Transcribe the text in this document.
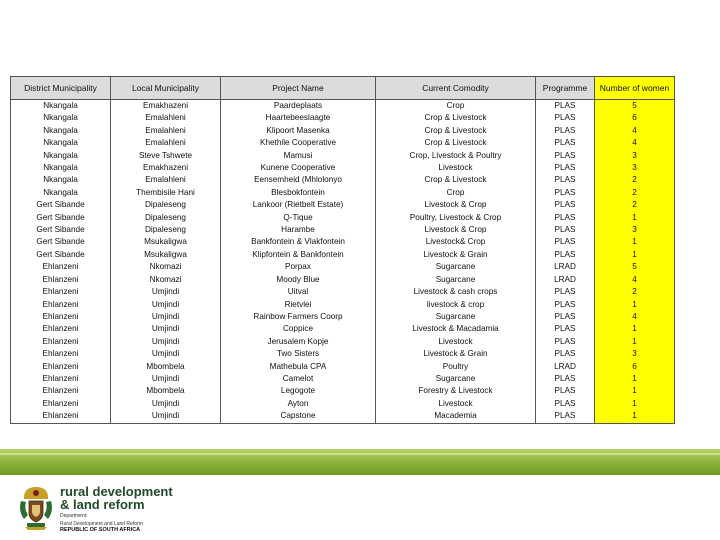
District Municipality	Local Municipality	Project Name	Current Comodity	Programme	Number of women
Nkangala	Emakhazeni	Paardeplaats	Crop	PLAS	5
Nkangala	Emalahleni	Haartebeeslaagte	Crop & Livestock	PLAS	6
Nkangala	Emalahleni	Klipoort Masenka	Crop & Livestock	PLAS	4
Nkangala	Emalahleni	Khethile Cooperative	Crop & Livestock	PLAS	4
Nkangala	Steve Tshwete	Mamusi	Crop, Livestock & Poultry	PLAS	3
Nkangala	Emakhazeni	Kunene Cooperative	Livestock	PLAS	3
Nkangala	Emalahleni	Eensemheid (Mhlolonyo	Crop & Livestock	PLAS	2
Nkangala	Thembisile Hani	Blesbokfontein	Crop	PLAS	2
Gert Sibande	Dipaleseng	Lankoor (Rietbelt Estate)	Livestock & Crop	PLAS	2
Gert Sibande	Dipaleseng	Q-Tique	Poultry, Livestock & Crop	PLAS	1
Gert Sibande	Dipaleseng	Harambe	Livestock & Crop	PLAS	3
Gert Sibande	Msukaligwa	Bankfontein & Vlakfontein	Livestock& Crop	PLAS	1
Gert Sibande	Msukaligwa	Klipfontein & Bankfontein	Livestock & Grain	PLAS	1
Ehlanzeni	Nkomazi	Porpax	Sugarcane	LRAD	5
Ehlanzeni	Nkomazi	Moody Blue	Sugarcane	LRAD	4
Ehlanzeni	Umjindi	Uitval	Livestock & cash crops	PLAS	2
Ehlanzeni	Umjindi	Rietvlei	livestock & crop	PLAS	1
Ehlanzeni	Umjindi	Rainbow Farmers Coorp	Sugarcane	PLAS	4
Ehlanzeni	Umjindi	Coppice	Livestock & Macadamia	PLAS	1
Ehlanzeni	Umjindi	Jerusalem Kopje	Livestock	PLAS	1
Ehlanzeni	Umjindi	Two Sisters	Livestock & Grain	PLAS	3
Ehlanzeni	Mbombela	Mathebula CPA	Poultry	LRAD	6
Ehlanzeni	Umjindi	Camelot	Sugarcane	PLAS	1
Ehlanzeni	Mbombela	Legogote	Forestry & Livestock	PLAS	1
Ehlanzeni	Umjindi	Ayton	Livestock	PLAS	1
Ehlanzeni	Umjindi	Capstone	Macademia	PLAS	1
rural development
& land reform
Department:
Rural Development and Land Reform
REPUBLIC OF SOUTH AFRICA
